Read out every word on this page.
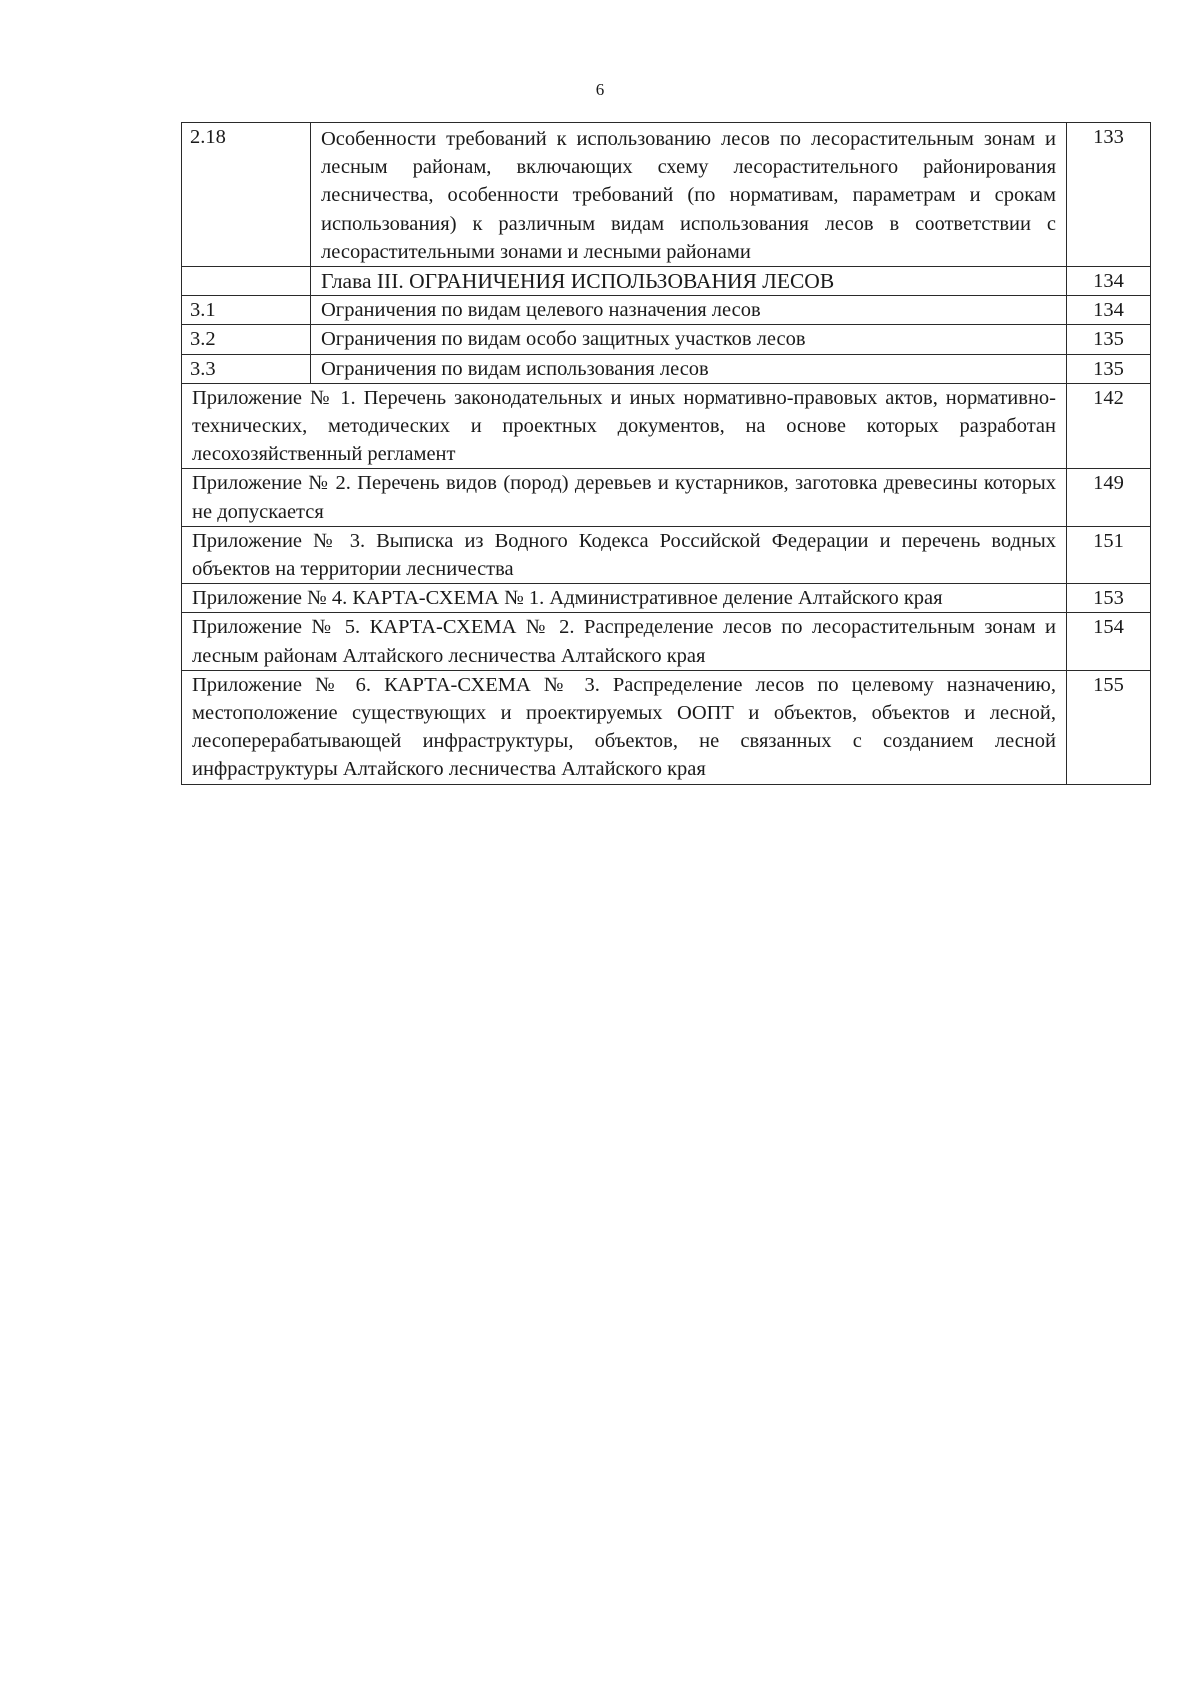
6
2.18	Особенности требований к использованию лесов по лесорастительным зонам и лесным районам, включающих схему лесорастительного районирования лесничества, особенности требований (по нормативам, параметрам и срокам использования) к различным видам использования лесов в соответствии с лесорастительными зонами и лесными районами	133
	Глава III. ОГРАНИЧЕНИЯ ИСПОЛЬЗОВАНИЯ ЛЕСОВ	134
3.1	Ограничения по видам целевого назначения лесов	134
3.2	Ограничения по видам особо защитных участков лесов	135
3.3	Ограничения по видам использования лесов	135
Приложение № 1. Перечень законодательных и иных нормативно-правовых актов, нормативно-технических, методических и проектных документов, на основе которых разработан лесохозяйственный регламент		142
Приложение № 2. Перечень видов (пород) деревьев и кустарников, заготовка древесины которых не допускается		149
Приложение № 3. Выписка из Водного Кодекса Российской Федерации и перечень водных объектов на территории лесничества		151
Приложение № 4. КАРТА-СХЕМА № 1. Административное деление Алтайского края		153
Приложение № 5. КАРТА-СХЕМА № 2. Распределение лесов по лесорастительным зонам и лесным районам Алтайского лесничества Алтайского края		154
Приложение № 6. КАРТА-СХЕМА № 3. Распределение лесов по целевому назначению, местоположение существующих и проектируемых ООПТ и объектов, объектов и лесной, лесоперерабатывающей инфраструктуры, объектов, не связанных с созданием лесной инфраструктуры Алтайского лесничества Алтайского края		155
